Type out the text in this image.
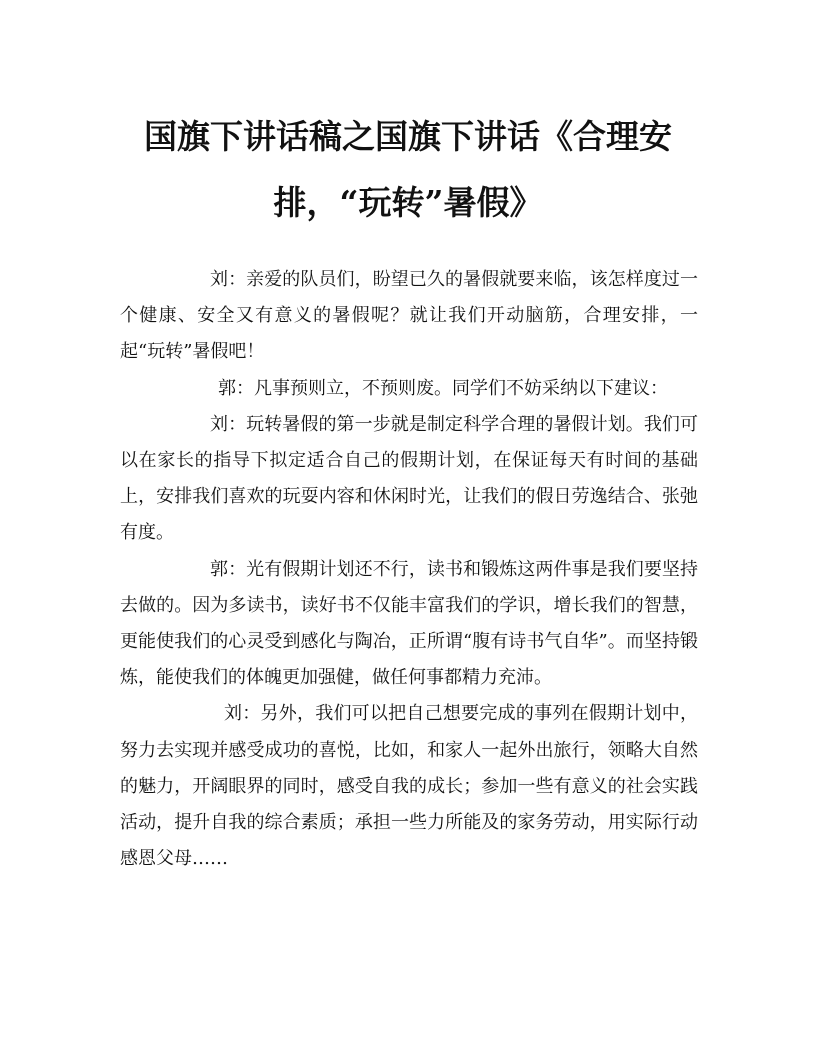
国旗下讲话稿之国旗下讲话《合理安排，“玩转”暑假》

刘：亲爱的队员们，盼望已久的暑假就要来临，该怎样度过一个健康、安全又有意义的暑假呢？就让我们开动脑筋，合理安排，一起“玩转”暑假吧！

郭：凡事预则立，不预则废。同学们不妨采纳以下建议：

刘：玩转暑假的第一步就是制定科学合理的暑假计划。我们可以在家长的指导下拟定适合自己的假期计划，在保证每天有时间的基础上，安排我们喜欢的玩耍内容和休闲时光，让我们的假日劳逸结合、张弛有度。

郭：光有假期计划还不行，读书和锻炼这两件事是我们要坚持去做的。因为多读书，读好书不仅能丰富我们的学识，增长我们的智慧，更能使我们的心灵受到感化与陶冶，正所谓“腹有诗书气自华”。而坚持锻炼，能使我们的体魄更加强健，做任何事都精力充沛。

刘：另外，我们可以把自己想要完成的事列在假期计划中，努力去实现并感受成功的喜悦，比如，和家人一起外出旅行，领略大自然的魅力，开阔眼界的同时，感受自我的成长；参加一些有意义的社会实践活动，提升自我的综合素质；承担一些力所能及的家务劳动，用实际行动感恩父母……
